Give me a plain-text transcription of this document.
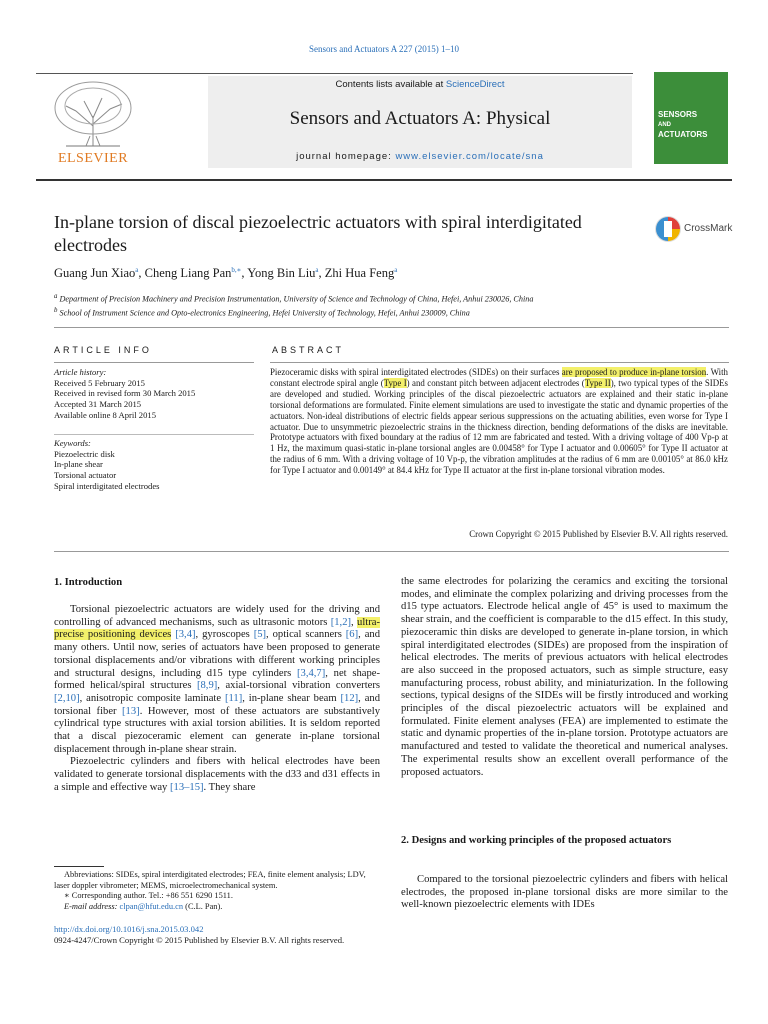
Sensors and Actuators A 227 (2015) 1–10
ELSEVIER
Contents lists available at ScienceDirect
Sensors and Actuators A: Physical
journal homepage: www.elsevier.com/locate/sna
SENSORS
AND
ACTUATORS
In-plane torsion of discal piezoelectric actuators with spiral interdigitated electrodes
CrossMark
Guang Jun Xiao$^a$, Cheng Liang Pan$^{b,∗}$, Yong Bin Liu$^a$, Zhi Hua Feng$^a$
$^a$ Department of Precision Machinery and Precision Instrumentation, University of Science and Technology of China, Hefei, Anhui 230026, China
$^b$ School of Instrument Science and Opto-electronics Engineering, Hefei University of Technology, Hefei, Anhui 230009, China
ARTICLE INFO	ABSTRACT
Article history:
Received 5 February 2015
Received in revised form 30 March 2015
Accepted 31 March 2015
Available online 8 April 2015
Keywords:
Piezoelectric disk
In-plane shear
Torsional actuator
Spiral interdigitated electrodes
Piezoceramic disks with spiral interdigitated electrodes (SIDEs) on their surfaces are proposed to produce in-plane torsion. With constant electrode spiral angle (Type I) and constant pitch between adjacent electrodes (Type II), two typical types of the SIDEs are developed and studied. Working principles of the discal piezoelectric actuators are explained and their static in-plane torsional deformations are formulated. Finite element simulations are used to investigate the static and dynamic properties of the actuators. Non-ideal distributions of electric fields appear serious suppressions on the actuating abilities, even worse for Type I actuator. Due to unsymmetric piezoelectric strains in the thickness direction, bending deformations of the disks are inevitable. Prototype actuators with fixed boundary at the radius of 12 mm are fabricated and tested. With a driving voltage of 400 Vp-p at 1 Hz, the maximum quasi-static in-plane torsional angles are 0.00458° for Type I actuator and 0.00605° for Type II actuator at the radius of 6 mm. With a driving voltage of 10 Vp-p, the vibration amplitudes at the radius of 6 mm are 0.00105° at 86.0 kHz for Type I actuator and 0.00149° at 84.4 kHz for Type II actuator at the first in-plane torsional vibration modes.
Crown Copyright © 2015 Published by Elsevier B.V. All rights reserved.
1. Introduction

Torsional piezoelectric actuators are widely used for the driving and controlling of advanced mechanisms, such as ultrasonic motors [1,2], ultra-precise positioning devices [3,4], gyroscopes [5], optical scanners [6], and many others. Until now, series of actuators have been proposed to generate torsional displacements and/or vibrations with different working principles and structural designs, including d15 type cylinders [3,4,7], net shape-formed helical/spiral structures [8,9], axial-torsional vibration converters [2,10], anisotropic composite laminate [11], in-plane shear beam [12], and torsional fiber [13]. However, most of these actuators are substantively cylindrical type structures with axial torsion abilities. It is seldom reported that a discal piezoceramic element can generate in-plane torsional displacement through in-plane shear strain.

Piezoelectric cylinders and fibers with helical electrodes have been validated to generate torsional displacements with the d33 and d31 effects in a simple and effective way [13–15]. They share

the same electrodes for polarizing the ceramics and exciting the torsional modes, and eliminate the complex polarizing and driving processes from the d15 type actuators. Electrode helical angle of 45° is used to maximum the shear strain, and the coefficient is comparable to the d15 effect. In this study, piezoceramic thin disks are developed to generate in-plane torsion, in which spiral interdigitated electrodes (SIDEs) are proposed from the inspiration of helical electrodes. The merits of previous actuators with helical electrodes are also succeed in the proposed actuators, such as simple structure, easy manufacturing process, robust ability, and miniaturization. In the following sections, typical designs of the SIDEs will be firstly introduced and working principles of the discal piezoelectric actuators will be explained and formulated. Finite element analyses (FEA) are implemented to estimate the static and dynamic properties of the in-plane torsion. Prototype actuators are manufactured and tested to validate the theoretical and numerical analyses. The experimental results show an excellent overall performance of the proposed actuators.

2. Designs and working principles of the proposed actuators

Compared to the torsional piezoelectric cylinders and fibers with helical electrodes, the proposed in-plane torsional disks are more similar to the well-known piezoelectric elements with IDEs

Abbreviations: SIDEs, spiral interdigitated electrodes; FEA, finite element analysis; LDV, laser doppler vibrometer; MEMS, microelectromechanical system.

∗ Corresponding author. Tel.: +86 551 6290 1511.

E-mail address: clpan@hfut.edu.cn (C.L. Pan).

http://dx.doi.org/10.1016/j.sna.2015.03.042
0924-4247/Crown Copyright © 2015 Published by Elsevier B.V. All rights reserved.
